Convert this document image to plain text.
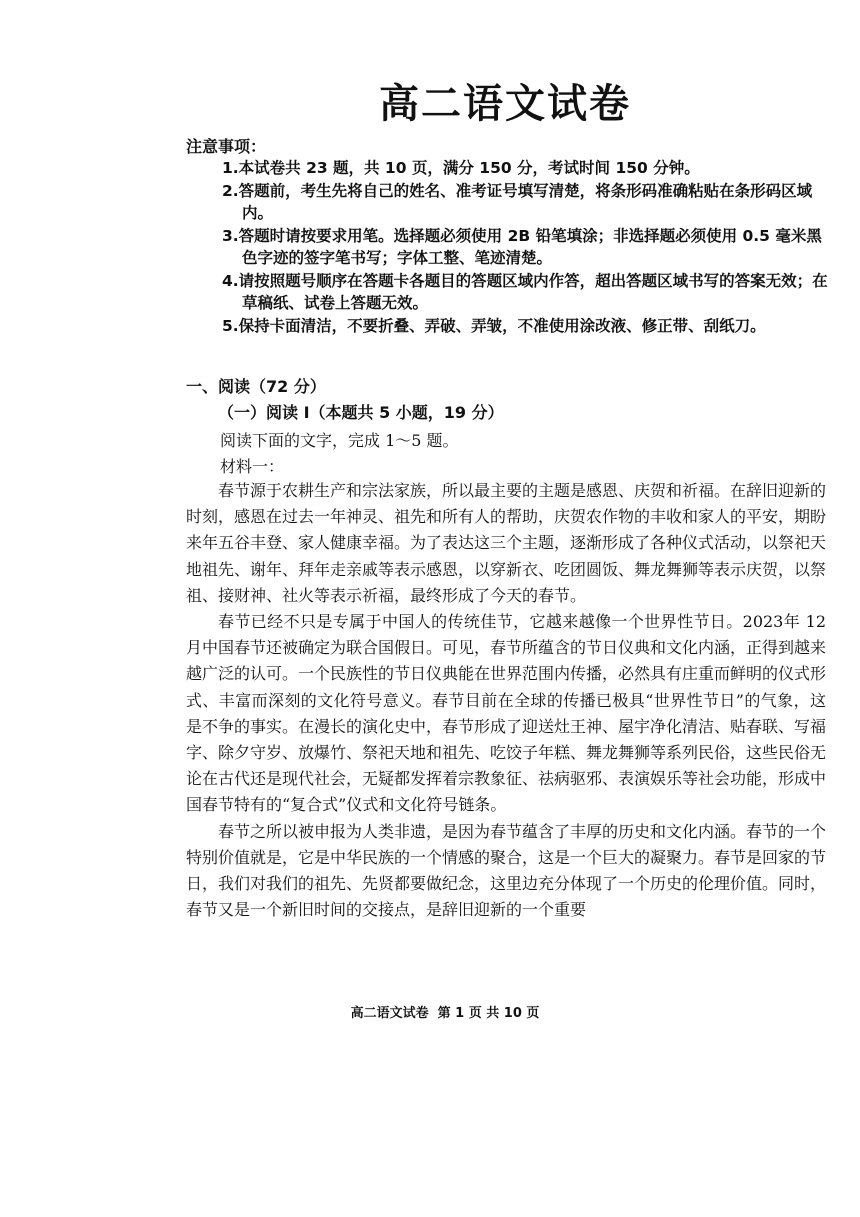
高二语文试卷
注意事项：
1.本试卷共 23 题，共 10 页，满分 150 分，考试时间 150 分钟。
2.答题前，考生先将自己的姓名、准考证号填写清楚，将条形码准确粘贴在条形码区域内。
3.答题时请按要求用笔。选择题必须使用 2B 铅笔填涂；非选择题必须使用 0.5 毫米黑色字迹的签字笔书写；字体工整、笔迹清楚。
4.请按照题号顺序在答题卡各题目的答题区域内作答，超出答题区域书写的答案无效；在草稿纸、试卷上答题无效。
5.保持卡面清洁，不要折叠、弄破、弄皱，不准使用涂改液、修正带、刮纸刀。
一、阅读（72 分）
（一）阅读 I（本题共 5 小题，19 分）
阅读下面的文字，完成 1～5 题。
材料一：

春节源于农耕生产和宗法家族，所以最主要的主题是感恩、庆贺和祈福。在辞旧迎新的时刻，感恩在过去一年神灵、祖先和所有人的帮助，庆贺农作物的丰收和家人的平安，期盼来年五谷丰登、家人健康幸福。为了表达这三个主题，逐渐形成了各种仪式活动，以祭祀天地祖先、谢年、拜年走亲戚等表示感恩，以穿新衣、吃团圆饭、舞龙舞狮等表示庆贺，以祭祖、接财神、社火等表示祈福，最终形成了今天的春节。

春节已经不只是专属于中国人的传统佳节，它越来越像一个世界性节日。2023年 12 月中国春节还被确定为联合国假日。可见，春节所蕴含的节日仪典和文化内涵，正得到越来越广泛的认可。一个民族性的节日仪典能在世界范围内传播，必然具有庄重而鲜明的仪式形式、丰富而深刻的文化符号意义。春节目前在全球的传播已极具“世界性节日”的气象，这是不争的事实。在漫长的演化史中，春节形成了迎送灶王神、屋宇净化清洁、贴春联、写福字、除夕守岁、放爆竹、祭祀天地和祖先、吃饺子年糕、舞龙舞狮等系列民俗，这些民俗无论在古代还是现代社会，无疑都发挥着宗教象征、祛病驱邪、表演娱乐等社会功能，形成中国春节特有的“复合式”仪式和文化符号链条。

春节之所以被申报为人类非遗，是因为春节蕴含了丰厚的历史和文化内涵。春节的一个特别价值就是，它是中华民族的一个情感的聚合，这是一个巨大的凝聚力。春节是回家的节日，我们对我们的祖先、先贤都要做纪念，这里边充分体现了一个历史的伦理价值。同时，春节又是一个新旧时间的交接点，是辞旧迎新的一个重要

高二语文试卷  第 1 页 共 10 页
